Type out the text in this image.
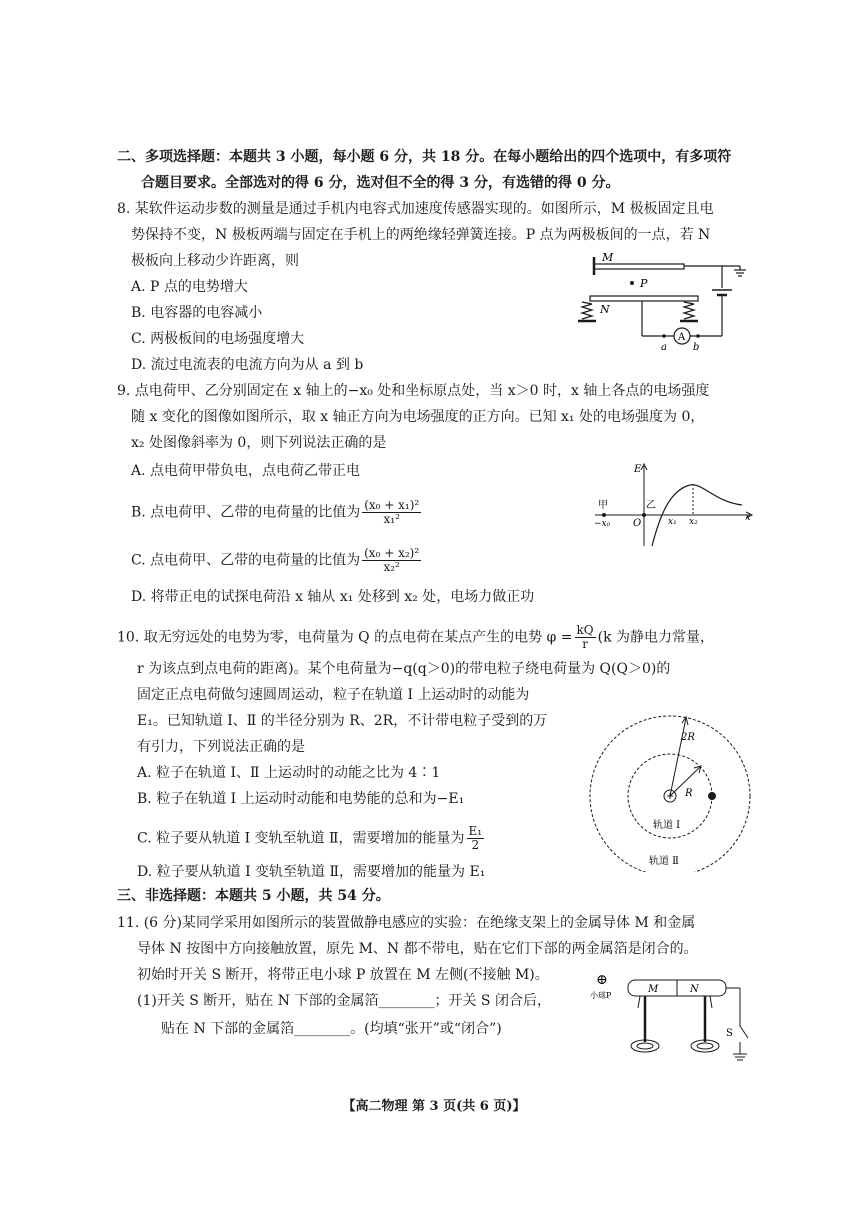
二、多项选择题：本题共 3 小题，每小题 6 分，共 18 分。在每小题给出的四个选项中，有多项符
合题目要求。全部选对的得 6 分，选对但不全的得 3 分，有选错的得 0 分。
8. 某软件运动步数的测量是通过手机内电容式加速度传感器实现的。如图所示，M 极板固定且电
势保持不变，N 极板两端与固定在手机上的两绝缘轻弹簧连接。P 点为两极板间的一点，若 N
极板向上移动少许距离，则
A. P 点的电势增大
B. 电容器的电容减小
C. 两极板间的电场强度增大
D. 流过电流表的电流方向为从 a 到 b
M
P
N
A
a	b
9. 点电荷甲、乙分别固定在 x 轴上的−x₀ 处和坐标原点处，当 x＞0 时，x 轴上各点的电场强度
随 x 变化的图像如图所示，取 x 轴正方向为电场强度的正方向。已知 x₁ 处的电场强度为 0，
x₂ 处图像斜率为 0，则下列说法正确的是
A. 点电荷甲带负电，点电荷乙带正电
B. 点电荷甲、乙带的电荷量的比值为 $\frac{\text{(x₀ + x₁)²}}{\text{x₁²}}$
C. 点电荷甲、乙带的电荷量的比值为 $\frac{\text{(x₀ + x₂)²}}{\text{x₂²}}$
D. 将带正电的试探电荷沿 x 轴从 x₁ 处移到 x₂ 处，电场力做正功
E
甲	乙
O
−x₀	x₁ x₂	x
10. 取无穷远处的电势为零，电荷量为 Q 的点电荷在某点产生的电势 $\varphi = \frac{kQ}{r} (k$ 为静电力常量，
r 为该点到点电荷的距离)。某个电荷量为−q(q＞0)的带电粒子绕电荷量为 Q(Q＞0)的
固定正点电荷做匀速圆周运动，粒子在轨道 Ⅰ 上运动时的动能为
E₁。已知轨道 Ⅰ、Ⅱ 的半径分别为 R、2R，不计带电粒子受到的万
有引力，下列说法正确的是
A. 粒子在轨道 Ⅰ、Ⅱ 上运动时的动能之比为 4∶1
B. 粒子在轨道 Ⅰ 上运动时动能和电势能的总和为−E₁
C. 粒子要从轨道 Ⅰ 变轨至轨道 Ⅱ，需要增加的能量为 $\frac{\text{E₁}}{2}$
D. 粒子要从轨道 Ⅰ 变轨至轨道 Ⅱ，需要增加的能量为 E₁
2R
R
轨道 Ⅰ
轨道 Ⅱ
三、非选择题：本题共 5 小题，共 54 分。
11. (6 分)某同学采用如图所示的装置做静电感应的实验：在绝缘支架上的金属导体 M 和金属
导体 N 按图中方向接触放置，原先 M、N 都不带电，贴在它们下部的两金属箔是闭合的。
初始时开关 S 断开，将带正电小球 P 放置在 M 左侧(不接触 M)。
(1)开关 S 断开，贴在 N 下部的金属箔________；开关 S 闭合后，
贴在 N 下部的金属箔________。(均填“张开”或“闭合”)
⊕
小球P
M	N
S
【高二物理 第 3 页(共 6 页)】
